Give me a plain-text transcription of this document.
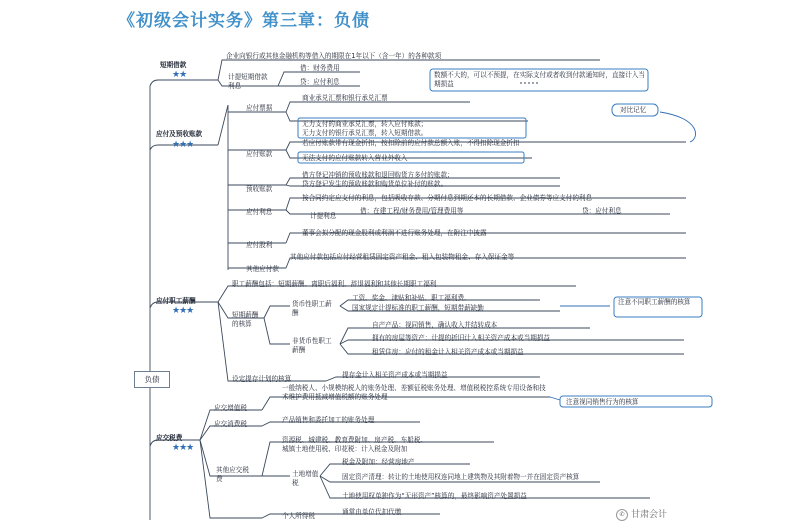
《初级会计实务》第三章：负债
负债
短期借款
★★
企业向银行或其他金融机构等借入的期限在1年以下（含一年）的各种款项
计提短期借款利息
借：财务费用
贷：应付利息
数额不大的，可以不预提，在实际支付或者收到付款通知时，直接计入当期损益
应付及预收账款
★★★
应付票据
商业承兑汇票和银行承兑汇票
无力支付的商业承兑汇票，转入应付账款；
无力支付的银行承兑汇票，转入短期借款。
对比记忆
应付账款
若应付账款带有现金折扣，按扣除前的应付款总额入账，不得扣除现金折扣
无法支付的应付账款转入营业外收入
预收账款
借方登记冲销的预收账款和退回购货方多付的账款；
贷方登记发生的预收账款和购货单位补付的账款。
应付利息
按合同约定应支付的利息，包括吸收存款、分期付息到期还本的长期借款、企业债券等应支付的利息
计提利息
借：在建工程/财务费用/管理费用等	贷：应付利息
应付股利
董事会拟分配的现金股利或利润不进行账务处理，在附注中披露
其他应付款
其他应付款包括应付经营租赁固定资产租金、租入包装物租金、存入保证金等
应付职工薪酬
★★★
职工薪酬包括：短期薪酬、离职后福利、辞退福利和其他长期职工福利
短期薪酬的核算
货币性职工薪酬
工资、奖金、津贴和补贴、职工福利费、
国家规定计提标准的职工薪酬，短期带薪缺勤
注意不同职工薪酬的核算
非货币性职工薪酬
自产产品：视同销售，确认收入并结转成本
拥有的房屋等资产：计提的折旧计入相关资产成本或当期损益
租赁住房：应付的租金计入相关资产成本或当期损益
设定提存计划的核算	提存金计入相关资产成本或当期损益
应交税费
★★★
应交增值税
一般纳税人、小规模纳税人的账务处理、差额征税账务处理、增值税税控系统专用设备和技术维护费用抵减增值税额的账务处理
注意视同销售行为的核算
应交消费税	产品销售和委托加工的账务处理
其他应交税费
资源税、城建税、教育费附加、房产税、车船税、
城镇土地使用税、印花税：计入税金及附加
土地增值税
税金及附加：经营房地产
固定资产清理：转让的土地使用权连同地上建筑物及其附着物一并在固定资产核算
土地使用权单独作为“无形资产”核算的，最终影响资产处置损益
个人所得税	通常由单位代扣代缴	✆ 甘肃会计
